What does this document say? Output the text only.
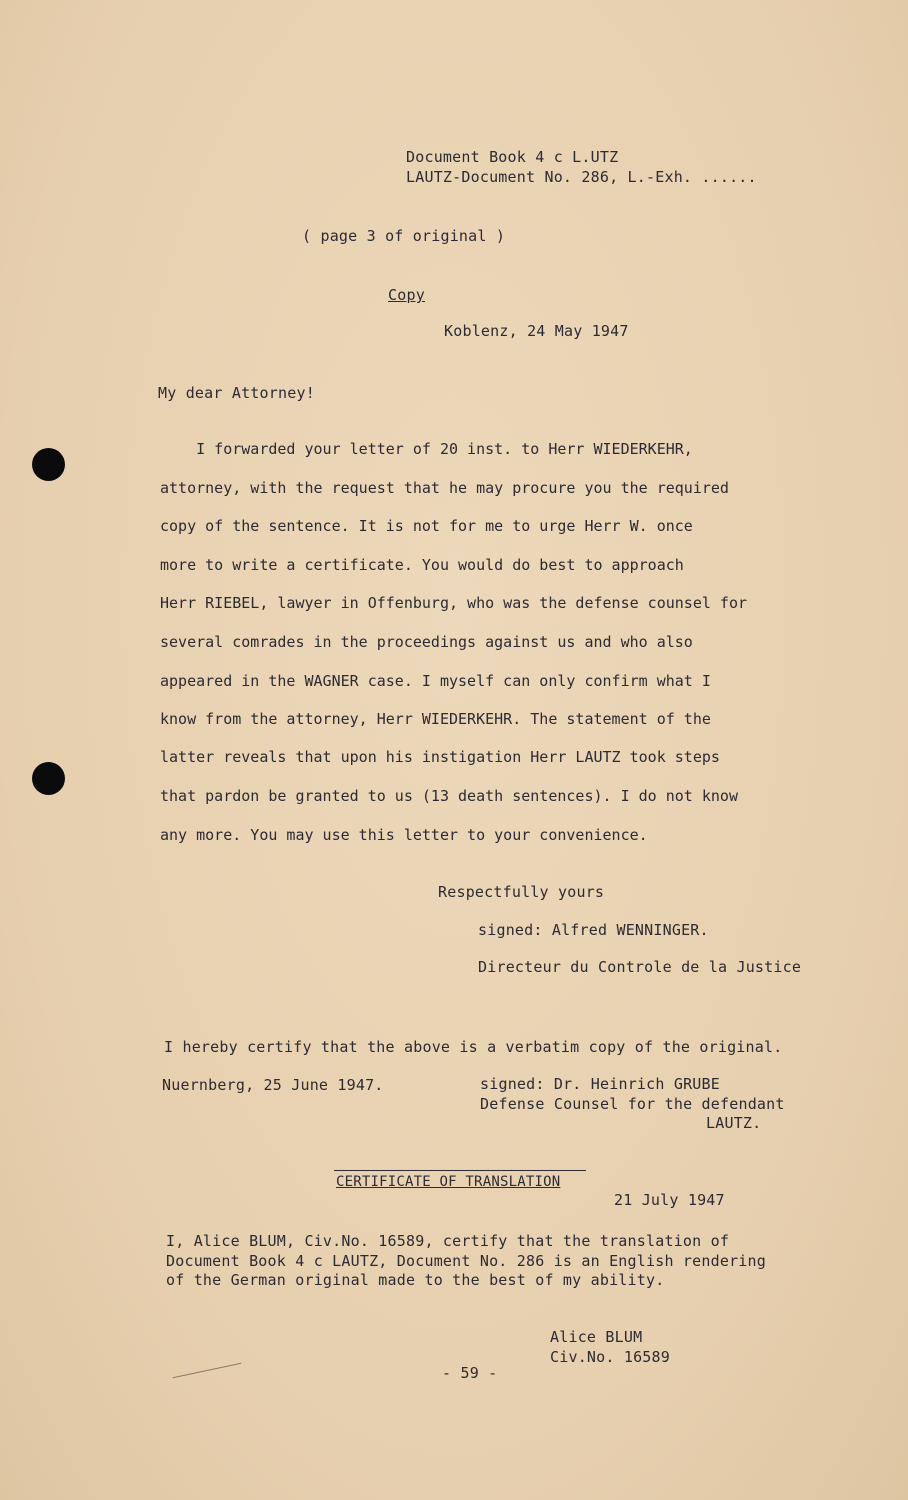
Document Book 4 c L.UTZ
LAUTZ-Document No. 286, L.-Exh. ......
( page 3 of original )
Copy
Koblenz, 24 May 1947
My dear Attorney!
I forwarded your letter of 20 inst. to Herr WIEDERKEHR,
attorney, with the request that he may procure you the required
copy of the sentence. It is not for me to urge Herr W. once
more to write a certificate. You would do best to approach
Herr RIEBEL, lawyer in Offenburg, who was the defense counsel for
several comrades in the proceedings against us and who also
appeared in the WAGNER case. I myself can only confirm what I
know from the attorney, Herr WIEDERKEHR. The statement of the
latter reveals that upon his instigation Herr LAUTZ took steps
that pardon be granted to us (13 death sentences). I do not know
any more. You may use this letter to your convenience.
Respectfully yours
signed: Alfred WENNINGER.
Directeur du Controle de la Justice
I hereby certify that the above is a verbatim copy of the original.
Nuernberg, 25 June 1947.	signed: Dr. Heinrich GRUBE
Defense Counsel for the defendant
LAUTZ.
CERTIFICATE OF TRANSLATION
21 July 1947
I, Alice BLUM, Civ.No. 16589, certify that the translation of
Document Book 4 c LAUTZ, Document No. 286 is an English rendering
of the German original made to the best of my ability.
Alice BLUM
Civ.No. 16589
- 59 -
